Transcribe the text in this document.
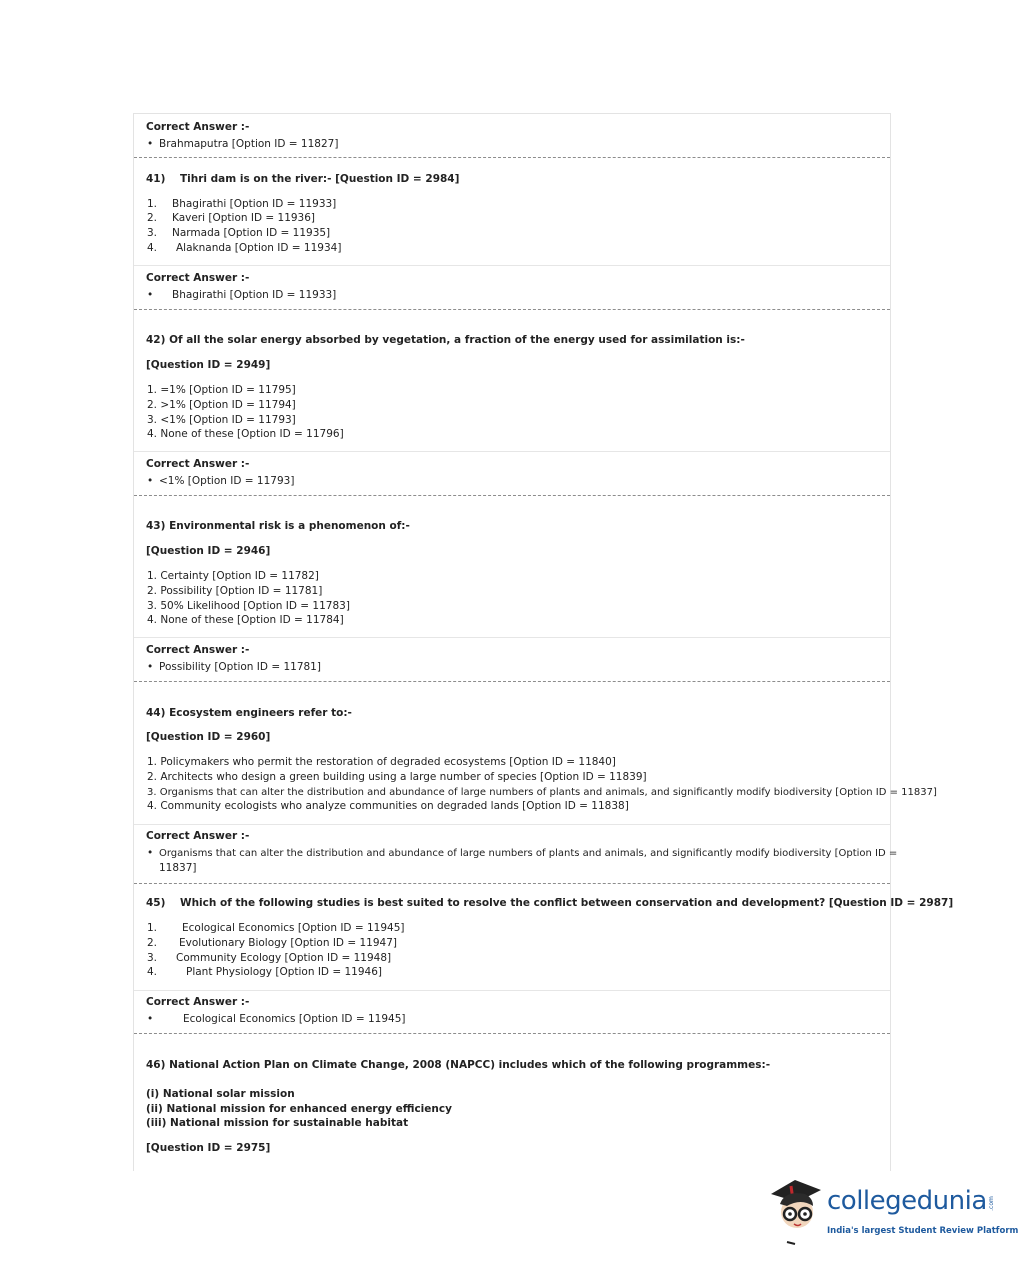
Correct Answer :-
• Brahmaputra [Option ID = 11827]
41) Tihri dam is on the river:- [Question ID = 2984]
1. Bhagirathi [Option ID = 11933]
2. Kaveri [Option ID = 11936]
3. Narmada [Option ID = 11935]
4. Alaknanda [Option ID = 11934]
Correct Answer :-
• Bhagirathi [Option ID = 11933]
42) Of all the solar energy absorbed by vegetation, a fraction of the energy used for assimilation is:-
[Question ID = 2949]
1. =1% [Option ID = 11795]
2. >1% [Option ID = 11794]
3. <1% [Option ID = 11793]
4. None of these [Option ID = 11796]
Correct Answer :-
• <1% [Option ID = 11793]
43) Environmental risk is a phenomenon of:-
[Question ID = 2946]
1. Certainty [Option ID = 11782]
2. Possibility [Option ID = 11781]
3. 50% Likelihood [Option ID = 11783]
4. None of these [Option ID = 11784]
Correct Answer :-
• Possibility [Option ID = 11781]
44) Ecosystem engineers refer to:-
[Question ID = 2960]
1. Policymakers who permit the restoration of degraded ecosystems [Option ID = 11840]
2. Architects who design a green building using a large number of species [Option ID = 11839]
3. Organisms that can alter the distribution and abundance of large numbers of plants and animals, and significantly modify biodiversity [Option ID = 11837]
4. Community ecologists who analyze communities on degraded lands [Option ID = 11838]
Correct Answer :-
• Organisms that can alter the distribution and abundance of large numbers of plants and animals, and significantly modify biodiversity [Option ID =
11837]
45) Which of the following studies is best suited to resolve the conflict between conservation and development? [Question ID = 2987]
1. Ecological Economics [Option ID = 11945]
2. Evolutionary Biology [Option ID = 11947]
3. Community Ecology [Option ID = 11948]
4.	Plant Physiology [Option ID = 11946]
Correct Answer :-
•	Ecological Economics [Option ID = 11945]
46) National Action Plan on Climate Change, 2008 (NAPCC) includes which of the following programmes:-
(i) National solar mission
(ii) National mission for enhanced energy efficiency
(iii) National mission for sustainable habitat
[Question ID = 2975]
collegedunia .com
India's largest Student Review Platform
